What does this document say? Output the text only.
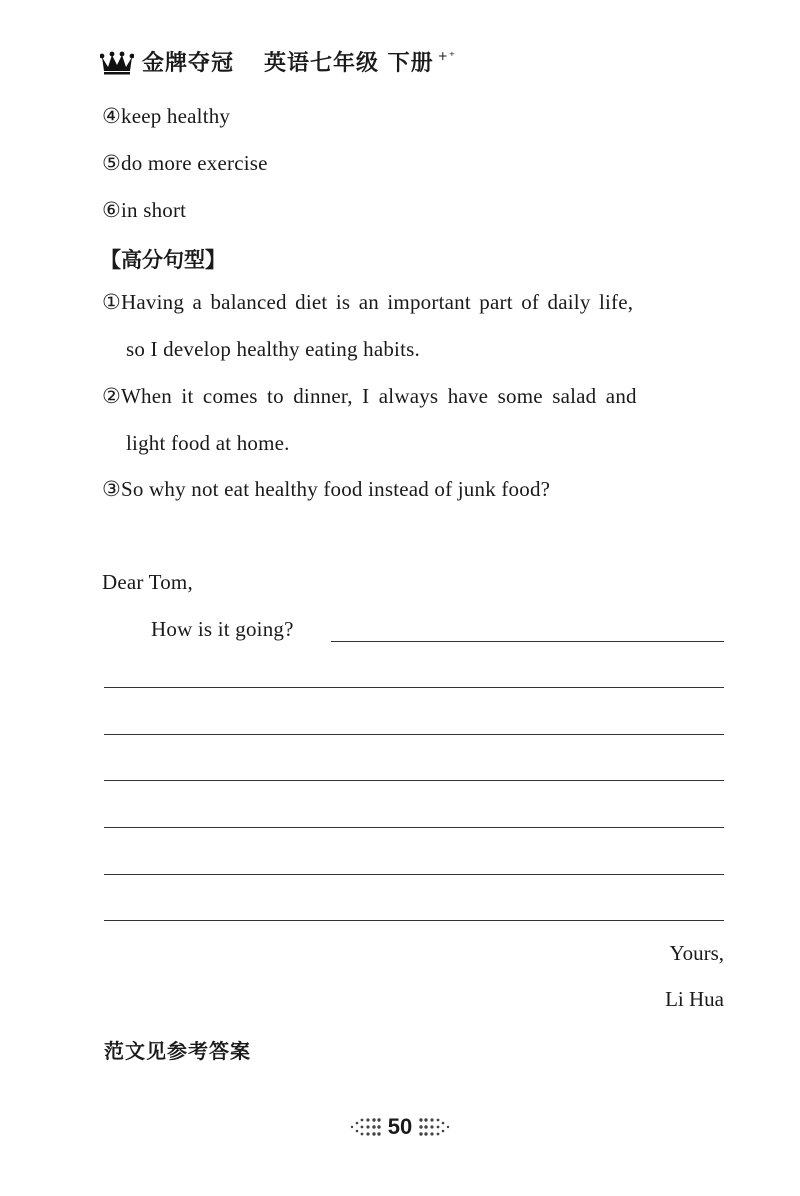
金牌夺冠 英语七年级 下册 +⁺
④keep healthy
⑤do more exercise
⑥in short
【高分句型】
①Having a balanced diet is an important part of daily life,
so I develop healthy eating habits.
②When it comes to dinner, I always have some salad and
light food at home.
③So why not eat healthy food instead of junk food?
Dear Tom,
How is it going?
Yours,
Li Hua
范文见参考答案
50
